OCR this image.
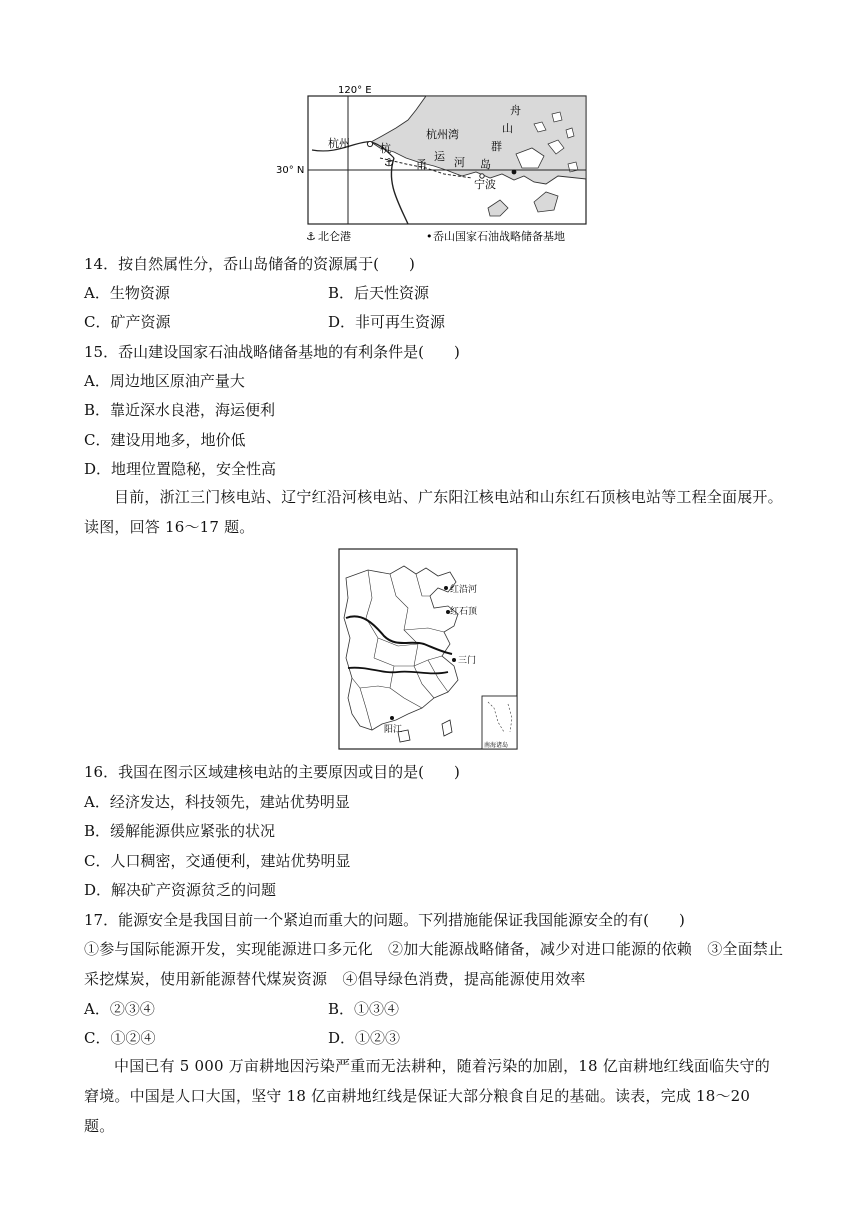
120° E
30° N
杭州	杭
杭州湾
舟
山
群
岛
甬
运 河
宁波
⚓
⚓ 北仑港	• 岙山国家石油战略储备基地
14．按自然属性分，岙山岛储备的资源属于(　　)
A．生物资源	B．后天性资源
C．矿产资源	D．非可再生资源
15．岙山建设国家石油战略储备基地的有利条件是(　　)
A．周边地区原油产量大
B．靠近深水良港，海运便利
C．建设用地多，地价低
D．地理位置隐秘，安全性高
目前，浙江三门核电站、辽宁红沿河核电站、广东阳江核电站和山东红石顶核电站等工程全面展开。读图，回答 16～17 题。
红沿河
红石顶
三门
阳江
南海诸岛
16．我国在图示区域建核电站的主要原因或目的是(　　)
A．经济发达，科技领先，建站优势明显
B．缓解能源供应紧张的状况
C．人口稠密，交通便利，建站优势明显
D．解决矿产资源贫乏的问题
17．能源安全是我国目前一个紧迫而重大的问题。下列措施能保证我国能源安全的有(　　)
①参与国际能源开发，实现能源进口多元化　②加大能源战略储备，减少对进口能源的依赖　③全面禁止采挖煤炭，使用新能源替代煤炭资源　④倡导绿色消费，提高能源使用效率
A．②③④	B．①③④
C．①②④	D．①②③
中国已有 5 000 万亩耕地因污染严重而无法耕种，随着污染的加剧，18 亿亩耕地红线面临失守的窘境。中国是人口大国，坚守 18 亿亩耕地红线是保证大部分粮食自足的基础。读表，完成 18～20 题。
